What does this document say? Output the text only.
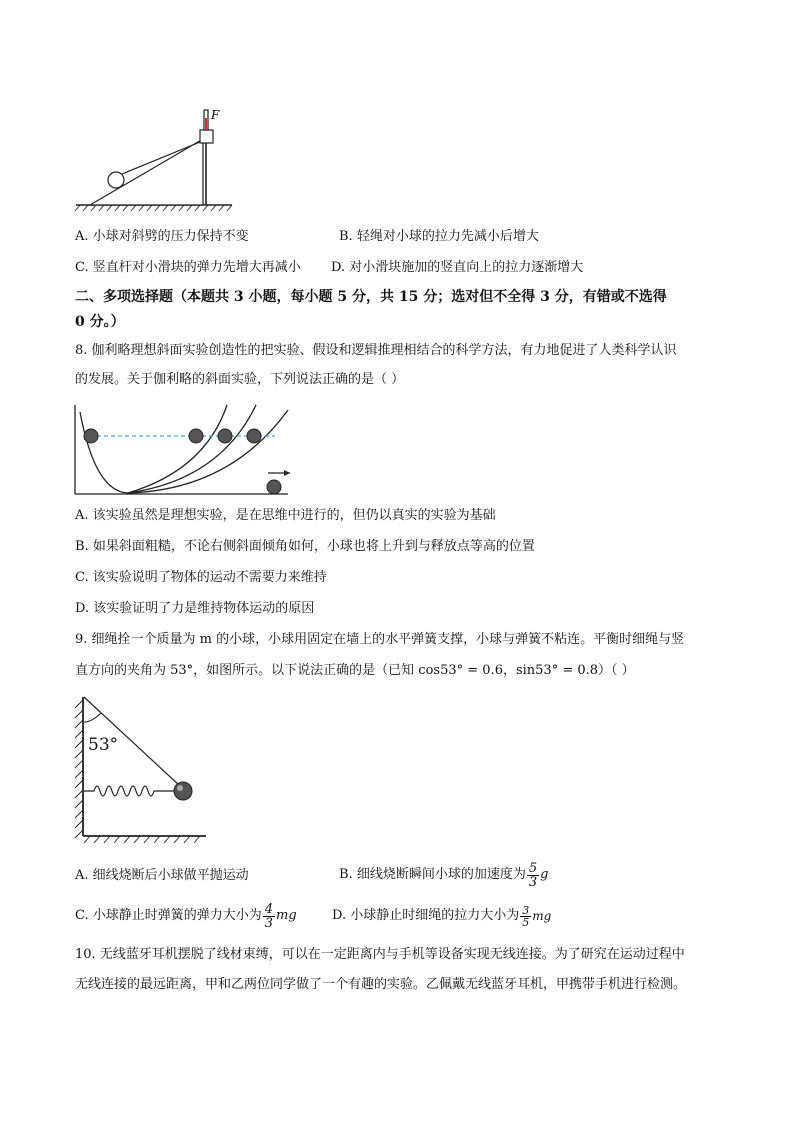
F
A. 小球对斜劈的压力保持不变	B. 轻绳对小球的拉力先减小后增大
C. 竖直杆对小滑块的弹力先增大再减小 D. 对小滑块施加的竖直向上的拉力逐渐增大
二、多项选择题（本题共 3 小题，每小题 5 分，共 15 分；选对但不全得 3 分，有错或不选得
0 分。）
8. 伽利略理想斜面实验创造性的把实验、假设和逻辑推理相结合的科学方法，有力地促进了人类科学认识
的发展。关于伽利略的斜面实验，下列说法正确的是（ ）
A. 该实验虽然是理想实验，是在思维中进行的，但仍以真实的实验为基础
B. 如果斜面粗糙，不论右侧斜面倾角如何，小球也将上升到与释放点等高的位置
C. 该实验说明了物体的运动不需要力来维持
D. 该实验证明了力是维持物体运动的原因
9. 细绳拴一个质量为 m 的小球，小球用固定在墙上的水平弹簧支撑，小球与弹簧不粘连。平衡时细绳与竖
直方向的夹角为 53°，如图所示。以下说法正确的是（已知 cos53° = 0.6，sin53° = 0.8）（ ）
53°
A. 细线烧断后小球做平抛运动	B. 细线烧断瞬间小球的加速度为 $\frac{5}{3}$ g
C. 小球静止时弹簧的弹力大小为 $\frac{4}{3}$ mg	D. 小球静止时细绳的拉力大小为 $\frac{3}{5}$ mg
10. 无线蓝牙耳机摆脱了线材束缚，可以在一定距离内与手机等设备实现无线连接。为了研究在运动过程中
无线连接的最远距离，甲和乙两位同学做了一个有趣的实验。乙佩戴无线蓝牙耳机，甲携带手机进行检测。
